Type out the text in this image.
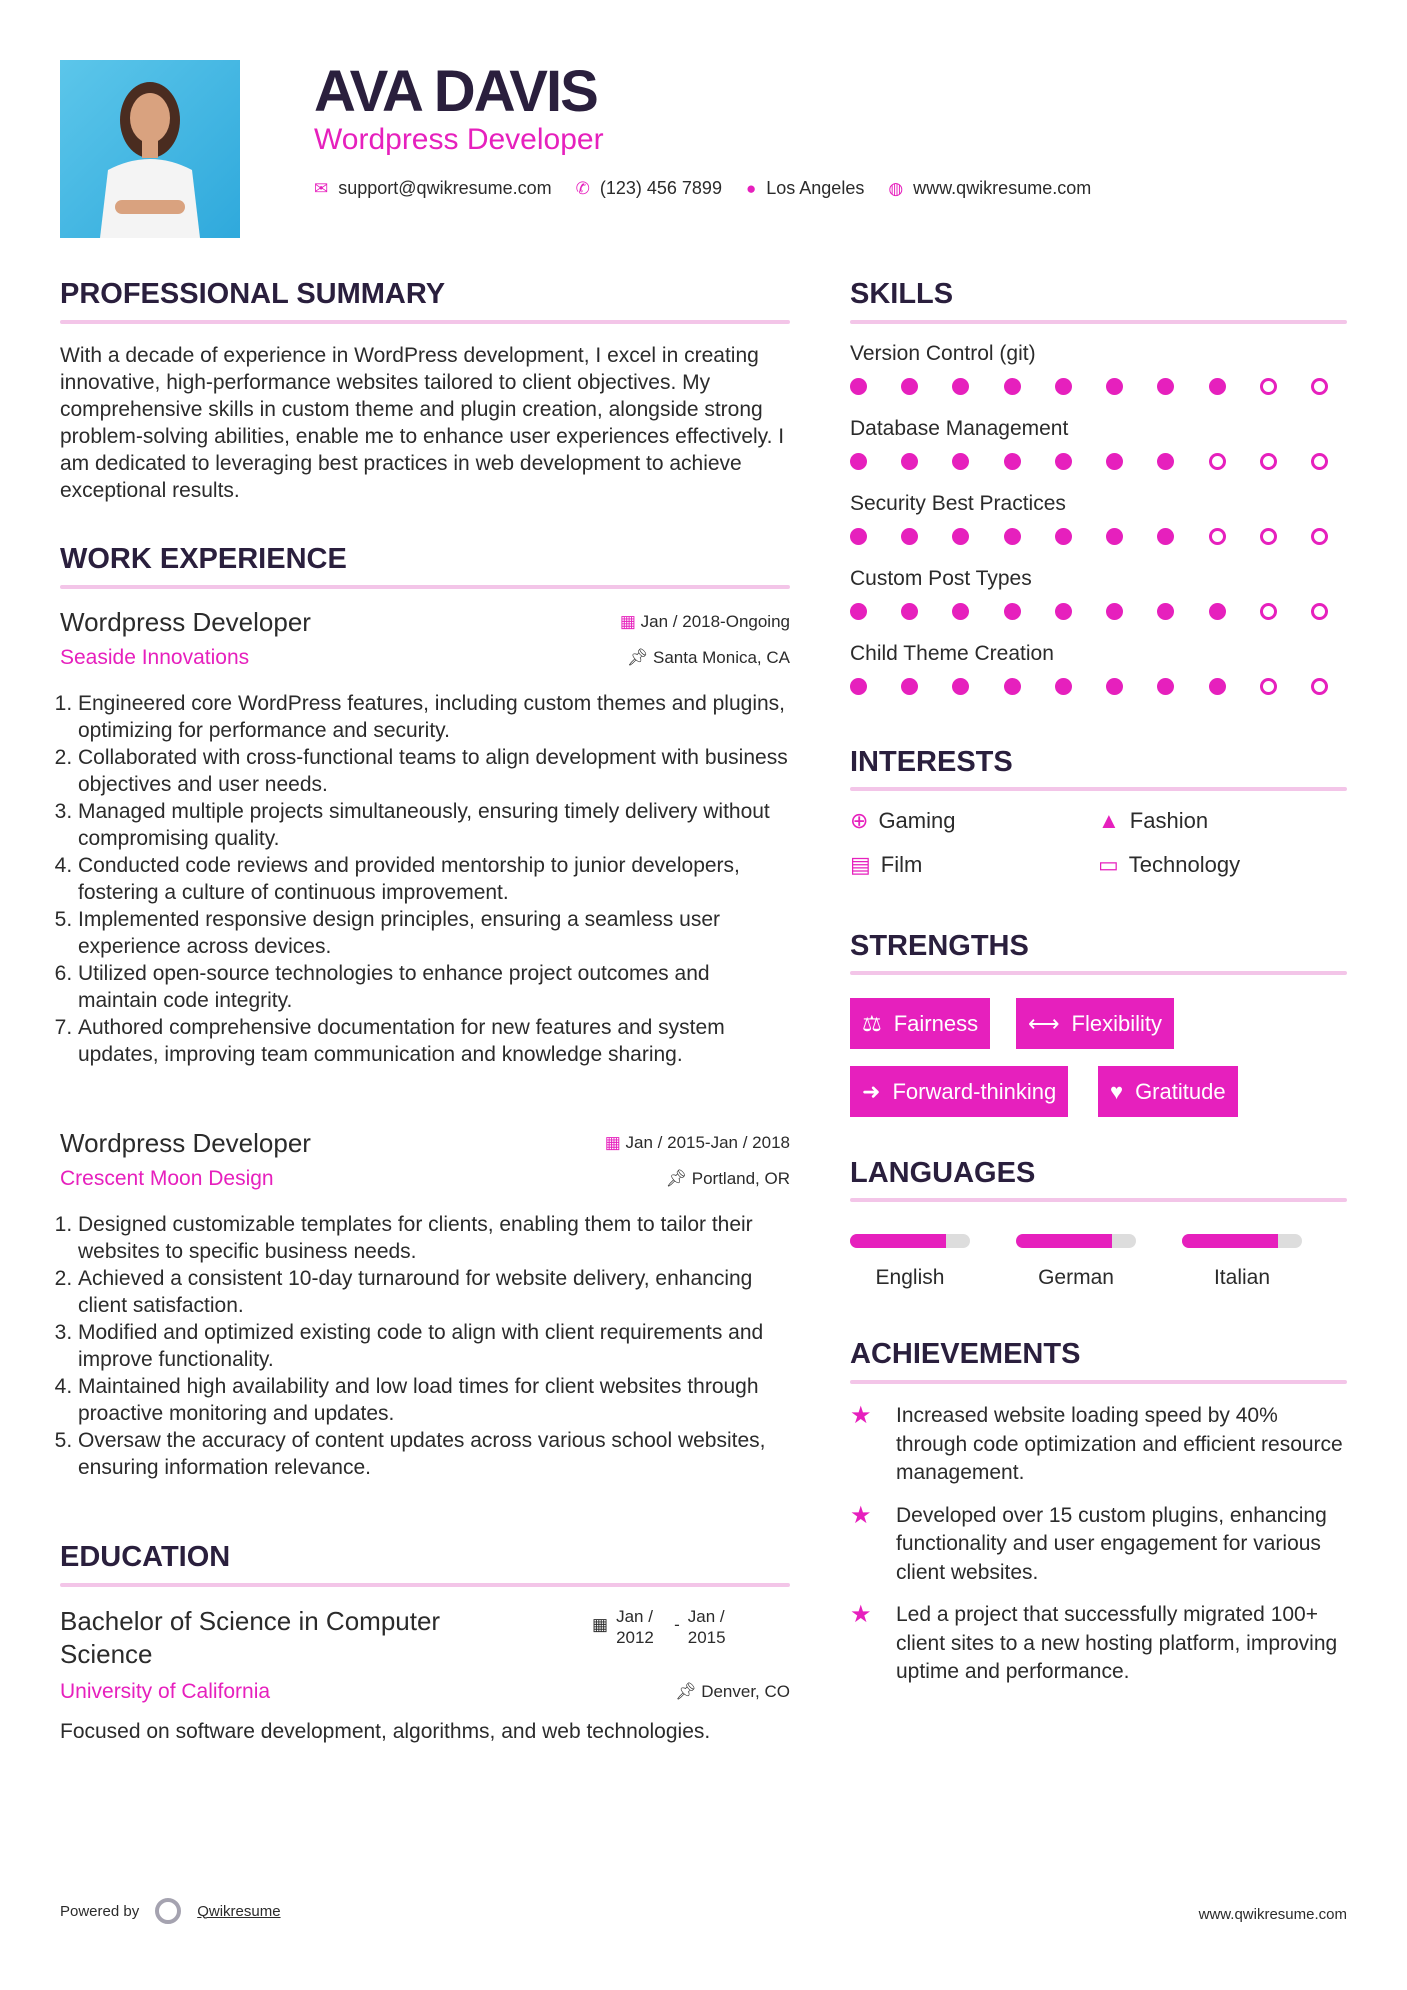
AVA DAVIS
Wordpress Developer
✉ support@qwikresume.com ✆ (123) 456 7899 ● Los Angeles ◍ www.qwikresume.com
PROFESSIONAL SUMMARY
With a decade of experience in WordPress development, I excel in creating innovative, high-performance websites tailored to client objectives. My comprehensive skills in custom theme and plugin creation, alongside strong problem-solving abilities, enable me to enhance user experiences effectively. I am dedicated to leveraging best practices in web development to achieve exceptional results.
WORK EXPERIENCE
Wordpress Developer	▦ Jan / 2018-Ongoing
Seaside Innovations	📌︎ Santa Monica, CA
1. Engineered core WordPress features, including custom themes and plugins, optimizing for performance and security.
2. Collaborated with cross-functional teams to align development with business objectives and user needs.
3. Managed multiple projects simultaneously, ensuring timely delivery without compromising quality.
4. Conducted code reviews and provided mentorship to junior developers, fostering a culture of continuous improvement.
5. Implemented responsive design principles, ensuring a seamless user experience across devices.
6. Utilized open-source technologies to enhance project outcomes and maintain code integrity.
7. Authored comprehensive documentation for new features and system updates, improving team communication and knowledge sharing.
Wordpress Developer	▦ Jan / 2015-Jan / 2018
Crescent Moon Design	📌︎ Portland, OR
1. Designed customizable templates for clients, enabling them to tailor their websites to specific business needs.
2. Achieved a consistent 10-day turnaround for website delivery, enhancing client satisfaction.
3. Modified and optimized existing code to align with client requirements and improve functionality.
4. Maintained high availability and low load times for client websites through proactive monitoring and updates.
5. Oversaw the accuracy of content updates across various school websites, ensuring information relevance.
EDUCATION
Bachelor of Science in Computer Science
▦ Jan / 2012
- Jan / 2015
University of California	📌︎ Denver, CO
Focused on software development, algorithms, and web technologies.
SKILLS
Version Control (git)
Database Management
Security Best Practices
Custom Post Types
Child Theme Creation
INTERESTS
⊕ Gaming	▲ Fashion
▤ Film	▭ Technology
STRENGTHS
⚖ Fairness ⟷ Flexibility
➜ Forward-thinking ♥ Gratitude
LANGUAGES
English	German	Italian
ACHIEVEMENTS
★	Increased website loading speed by 40% through code optimization and efficient resource management.
★	Developed over 15 custom plugins, enhancing functionality and user engagement for various client websites.
★	Led a project that successfully migrated 100+ client sites to a new hosting platform, improving uptime and performance.
Powered by	Qwikresume	www.qwikresume.com
